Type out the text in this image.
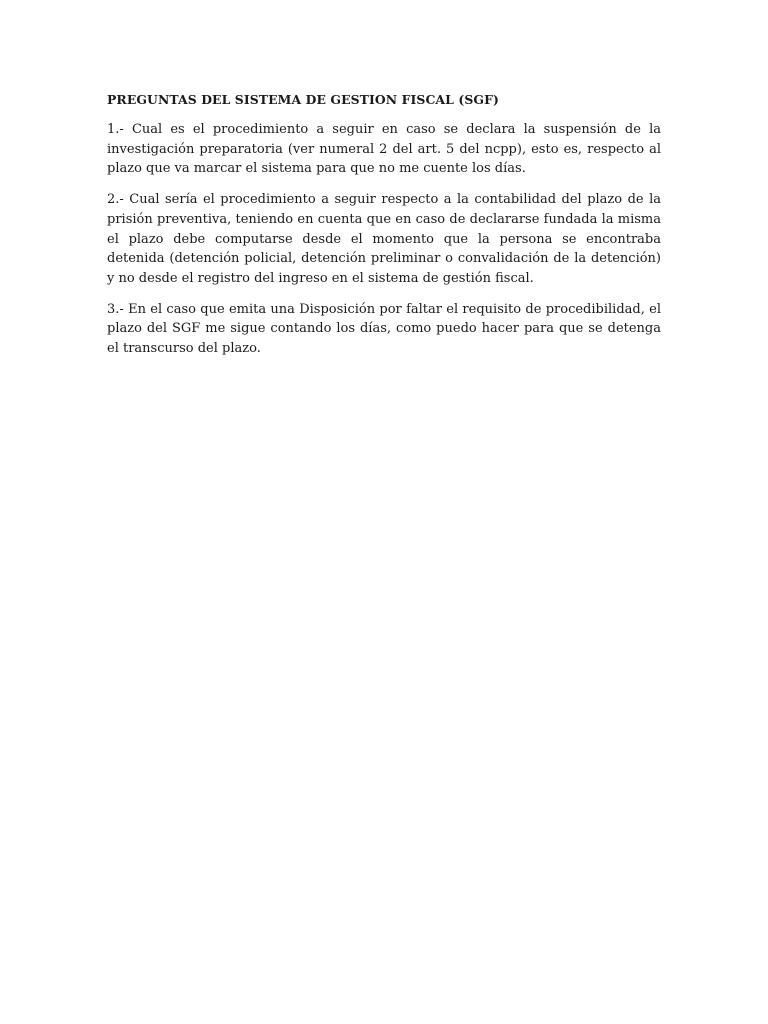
PREGUNTAS DEL SISTEMA DE GESTION FISCAL (SGF)

1.- Cual es el procedimiento a seguir en caso se declara la suspensión de la investigación preparatoria (ver numeral 2 del art. 5 del ncpp), esto es, respecto al plazo que va marcar el sistema para que no me cuente los días.

2.- Cual sería el procedimiento a seguir respecto a la contabilidad del plazo de la prisión preventiva, teniendo en cuenta que en caso de declararse fundada la misma el plazo debe computarse desde el momento que la persona se encontraba detenida (detención policial, detención preliminar o convalidación de la detención) y no desde el registro del ingreso en el sistema de gestión fiscal.

3.- En el caso que emita una Disposición por faltar el requisito de procedibilidad, el plazo del SGF me sigue contando los días, como puedo hacer para que se detenga el transcurso del plazo.
